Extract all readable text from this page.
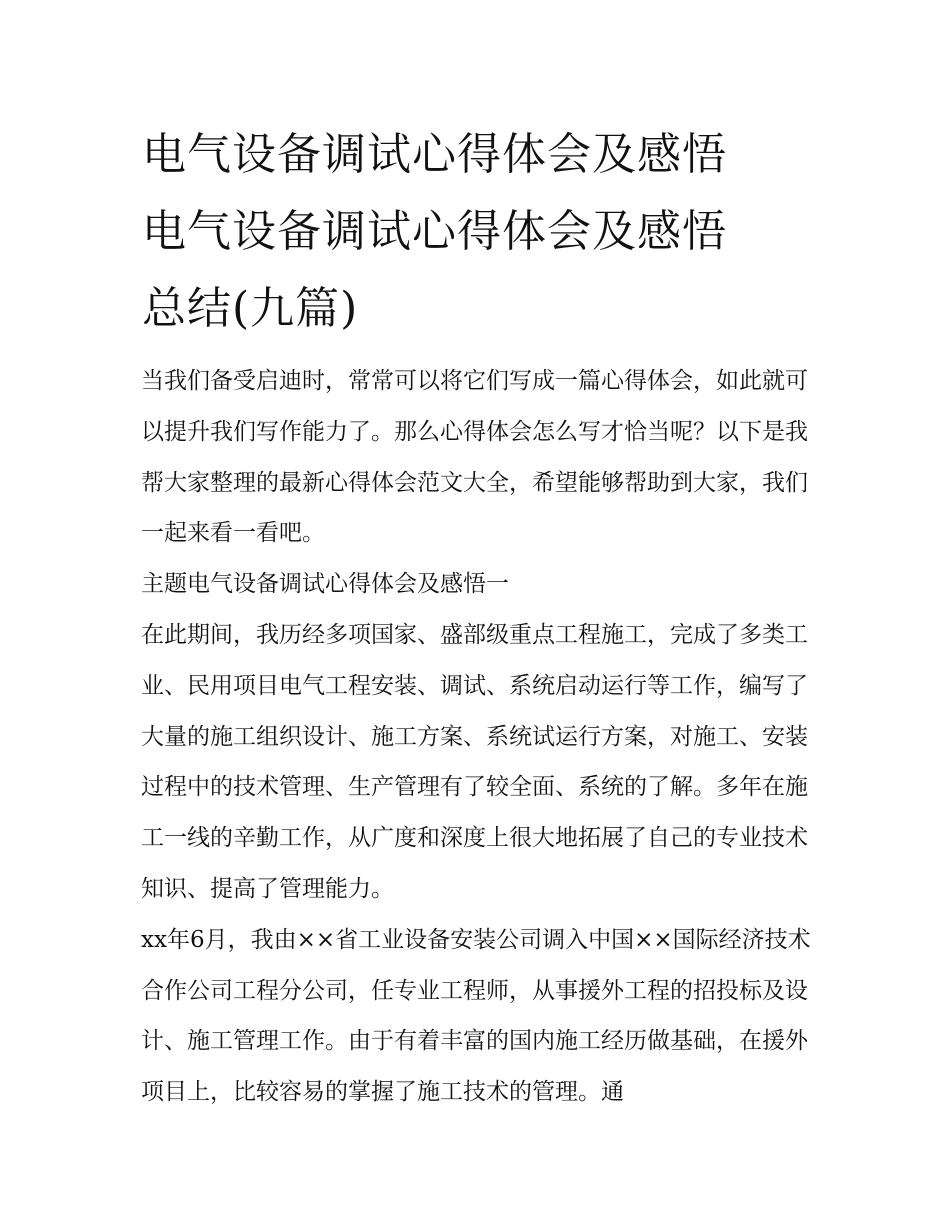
电气设备调试心得体会及感悟
电气设备调试心得体会及感悟
总结(九篇)

当我们备受启迪时，常常可以将它们写成一篇心得体会，如此就可以提升我们写作能力了。那么心得体会怎么写才恰当呢？以下是我帮大家整理的最新心得体会范文大全，希望能够帮助到大家，我们一起来看一看吧。

主题电气设备调试心得体会及感悟一

在此期间，我历经多项国家、盛部级重点工程施工，完成了多类工业、民用项目电气工程安装、调试、系统启动运行等工作，编写了大量的施工组织设计、施工方案、系统试运行方案，对施工、安装过程中的技术管理、生产管理有了较全面、系统的了解。多年在施工一线的辛勤工作，从广度和深度上很大地拓展了自己的专业技术知识、提高了管理能力。

xx年6月，我由××省工业设备安装公司调入中国××国际经济技术合作公司工程分公司，任专业工程师，从事援外工程的招投标及设计、施工管理工作。由于有着丰富的国内施工经历做基础，在援外项目上，比较容易的掌握了施工技术的管理。通
